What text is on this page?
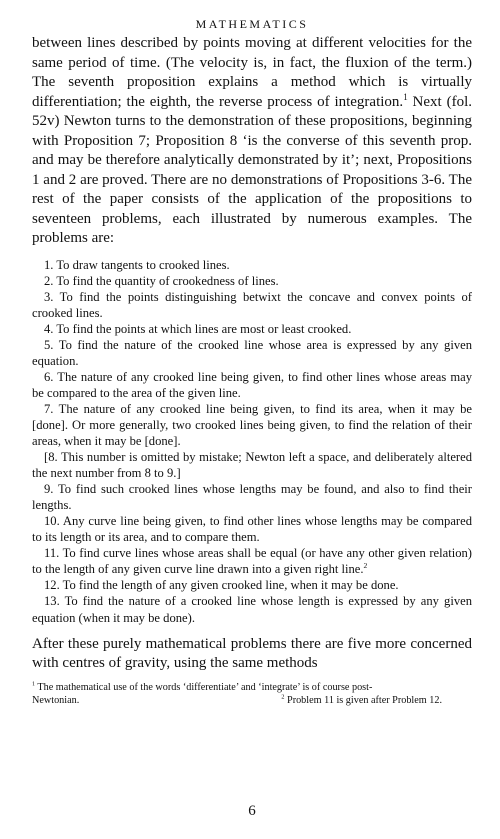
MATHEMATICS

between lines described by points moving at different velocities for the same period of time. (The velocity is, in fact, the fluxion of the term.) The seventh proposition explains a method which is virtually differentiation; the eighth, the reverse process of integration.$^1$ Next (fol. 52v) Newton turns to the demonstration of these propositions, beginning with Proposition 7; Proposition 8 ‘is the converse of this seventh prop. and may be therefore analytically demonstrated by it’; next, Propositions 1 and 2 are proved. There are no demonstrations of Propositions 3-6. The rest of the paper consists of the application of the propositions to seventeen problems, each illustrated by numerous examples. The problems are:

1. To draw tangents to crooked lines.

2. To find the quantity of crookedness of lines.

3. To find the points distinguishing betwixt the concave and convex points of crooked lines.

4. To find the points at which lines are most or least crooked.

5. To find the nature of the crooked line whose area is expressed by any given equation.

6. The nature of any crooked line being given, to find other lines whose areas may be compared to the area of the given line.

7. The nature of any crooked line being given, to find its area, when it may be [done]. Or more generally, two crooked lines being given, to find the relation of their areas, when it may be [done].

[8. This number is omitted by mistake; Newton left a space, and deliberately altered the next number from 8 to 9.]

9. To find such crooked lines whose lengths may be found, and also to find their lengths.

10. Any curve line being given, to find other lines whose lengths may be compared to its length or its area, and to compare them.

11. To find curve lines whose areas shall be equal (or have any other given relation) to the length of any given curve line drawn into a given right line.$^2$

12. To find the length of any given crooked line, when it may be done.

13. To find the nature of a crooked line whose length is expressed by any given equation (when it may be done).

After these purely mathematical problems there are five more concerned with centres of gravity, using the same methods

$^1$ The mathematical use of the words ‘differentiate’ and ‘integrate’ is of course post-

Newtonian.	$^2$ Problem 11 is given after Problem 12.
6
